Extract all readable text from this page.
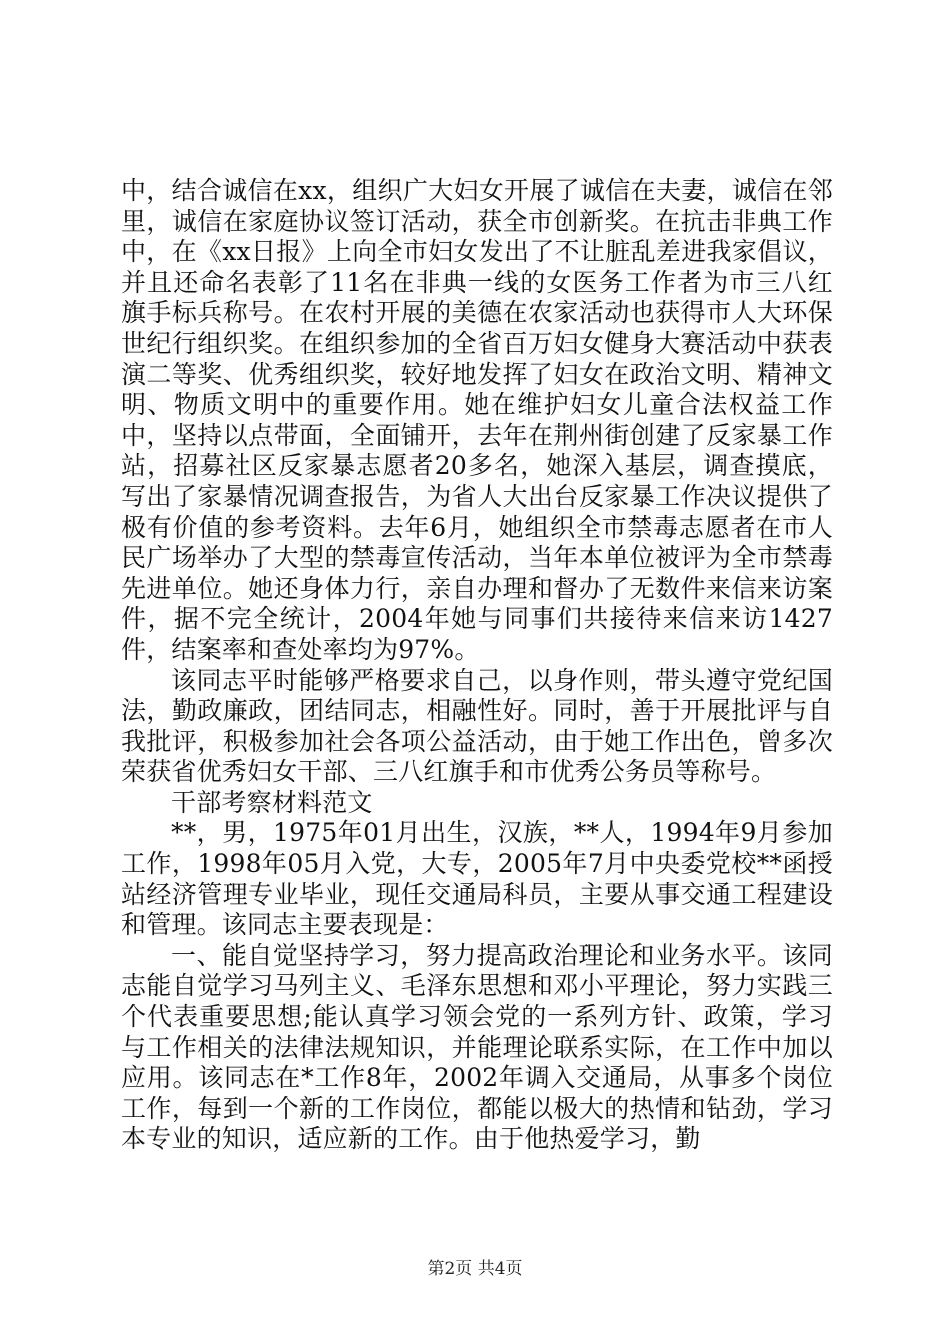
中，结合诚信在xx，组织广大妇女开展了诚信在夫妻，诚信在邻里，诚信在家庭协议签订活动，获全市创新奖。在抗击非典工作中，在《xx日报》上向全市妇女发出了不让脏乱差进我家倡议，并且还命名表彰了11名在非典一线的女医务工作者为市三八红旗手标兵称号。在农村开展的美德在农家活动也获得市人大环保世纪行组织奖。在组织参加的全省百万妇女健身大赛活动中获表演二等奖、优秀组织奖，较好地发挥了妇女在政治文明、精神文明、物质文明中的重要作用。她在维护妇女儿童合法权益工作中，坚持以点带面，全面铺开，去年在荆州街创建了反家暴工作站，招募社区反家暴志愿者20多名，她深入基层，调查摸底，写出了家暴情况调查报告，为省人大出台反家暴工作决议提供了极有价值的参考资料。去年6月，她组织全市禁毒志愿者在市人民广场举办了大型的禁毒宣传活动，当年本单位被评为全市禁毒先进单位。她还身体力行，亲自办理和督办了无数件来信来访案件，据不完全统计，2004年她与同事们共接待来信来访1427件，结案率和查处率均为97%。

该同志平时能够严格要求自己，以身作则，带头遵守党纪国法，勤政廉政，团结同志，相融性好。同时，善于开展批评与自我批评，积极参加社会各项公益活动，由于她工作出色，曾多次荣获省优秀妇女干部、三八红旗手和市优秀公务员等称号。

干部考察材料范文

**，男，1975年01月出生，汉族，**人，1994年9月参加工作，1998年05月入党，大专，2005年7月中央委党校**函授站经济管理专业毕业，现任交通局科员，主要从事交通工程建设和管理。该同志主要表现是：

一、能自觉坚持学习，努力提高政治理论和业务水平。该同志能自觉学习马列主义、毛泽东思想和邓小平理论，努力实践三个代表重要思想;能认真学习领会党的一系列方针、政策，学习与工作相关的法律法规知识，并能理论联系实际，在工作中加以应用。该同志在*工作8年，2002年调入交通局，从事多个岗位工作，每到一个新的工作岗位，都能以极大的热情和钻劲，学习本专业的知识，适应新的工作。由于他热爱学习，勤

第2页 共4页
